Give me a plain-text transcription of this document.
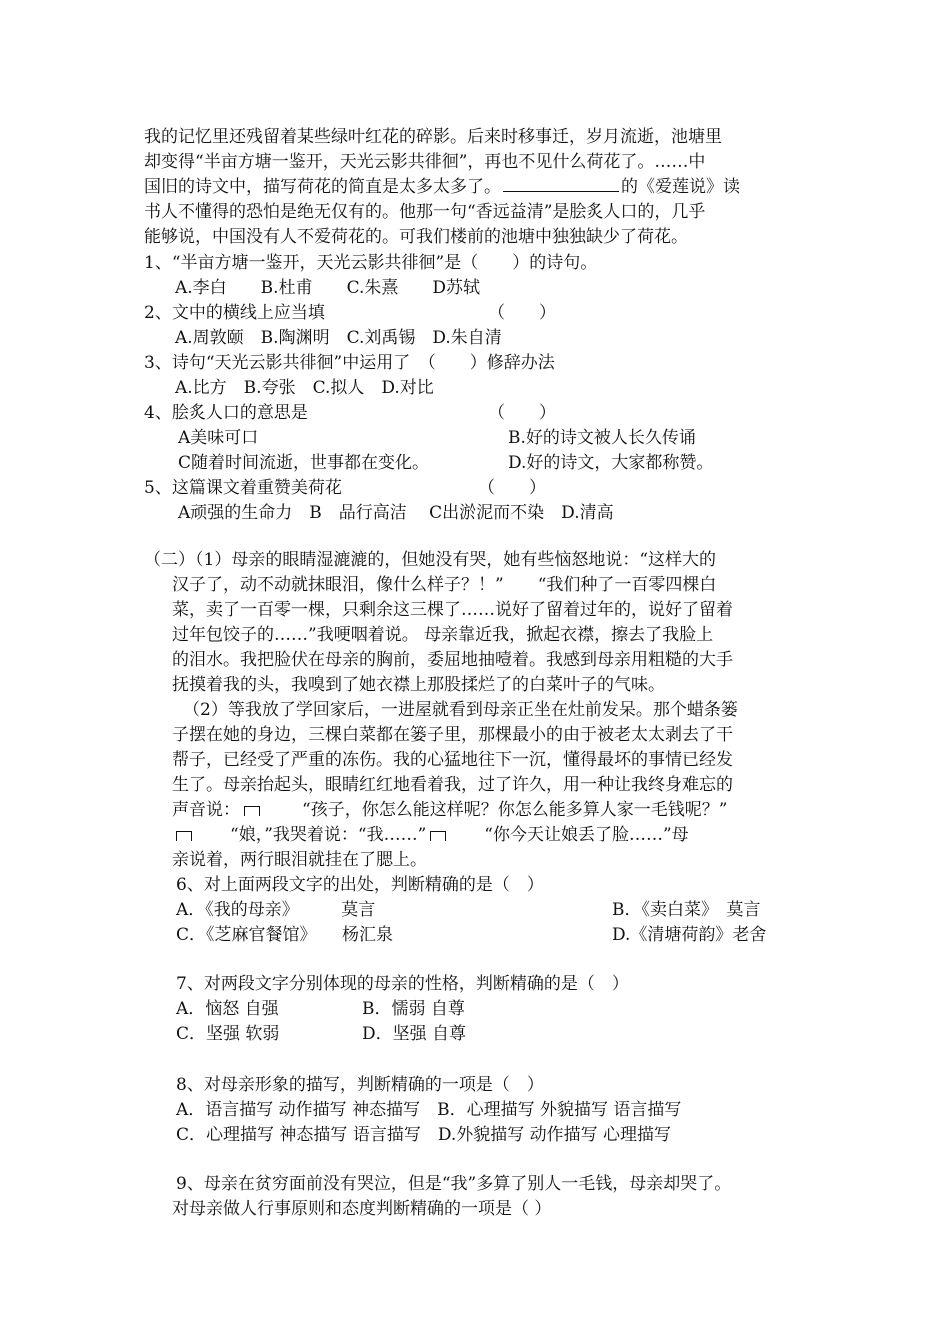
我的记忆里还残留着某些绿叶红花的碎影。后来时移事迁，岁月流逝，池塘里
却变得“半亩方塘一鉴开，天光云影共徘徊”，再也不见什么荷花了。……中
国旧的诗文中，描写荷花的简直是太多太多了。	的《爱莲说》读
书人不懂得的恐怕是绝无仅有的。他那一句“香远益清”是脍炙人口的，几乎
能够说，中国没有人不爱荷花的。可我们楼前的池塘中独独缺少了荷花。
1、“半亩方塘一鉴开，天光云影共徘徊”是（　　）的诗句。
A.李白　　B.杜甫　　C.朱熹　　D苏轼
2、文中的横线上应当填	（　　）
A.周敦颐　B.陶渊明　C.刘禹锡　D.朱自清
3、诗句“天光云影共徘徊”中运用了　（　　）修辞办法
A.比方　B.夸张　C.拟人　D.对比
4、脍炙人口的意思是	（　　）
A美味可口	B.好的诗文被人长久传诵
C随着时间流逝，世事都在变化。	D.好的诗文，大家都称赞。
5、这篇课文着重赞美荷花	（　　）
A顽强的生命力　B　品行高洁　 C出淤泥而不染　D.清高
（二）（1）母亲的眼睛湿漉漉的，但她没有哭，她有些恼怒地说：“这样大的
汉子了，动不动就抹眼泪，像什么样子？！”　　“我们种了一百零四棵白
菜，卖了一百零一棵，只剩余这三棵了……说好了留着过年的，说好了留着
过年包饺子的……”我哽咽着说。 母亲靠近我，掀起衣襟，擦去了我脸上
的泪水。我把脸伏在母亲的胸前，委屈地抽噎着。我感到母亲用粗糙的大手
抚摸着我的头，我嗅到了她衣襟上那股揉烂了的白菜叶子的气味。
（2）等我放了学回家后，一进屋就看到母亲正坐在灶前发呆。那个蜡条篓
子摆在她的身边，三棵白菜都在篓子里，那棵最小的由于被老太太剥去了干
帮子，已经受了严重的冻伤。我的心猛地往下一沉，懂得最坏的事情已经发
生了。母亲抬起头，眼睛红红地看着我，过了许久，用一种让我终身难忘的
声音说：	“孩子，你怎么能这样呢？你怎么能多算人家一毛钱呢？”
“娘，”我哭着说：“我……”	“你今天让娘丢了脸……”母
亲说着，两行眼泪就挂在了腮上。
6、对上面两段文字的出处，判断精确的是（　）
A．《我的母亲》　　　莫言	B．《卖白菜》　莫言
C．《芝麻官餐馆》　　杨汇泉	D.《清塘荷韵》老舍
7、对两段文字分别体现的母亲的性格，判断精确的是（　）
A．恼怒 自强	B．懦弱 自尊
C．坚强 软弱	D．坚强 自尊
8、对母亲形象的描写，判断精确的一项是（　）
A．语言描写 动作描写 神态描写　B．心理描写 外貌描写 语言描写
C．心理描写 神态描写 语言描写　D.外貌描写 动作描写 心理描写
9、母亲在贫穷面前没有哭泣，但是“我”多算了别人一毛钱，母亲却哭了。
对母亲做人行事原则和态度判断精确的一项是（ ）
